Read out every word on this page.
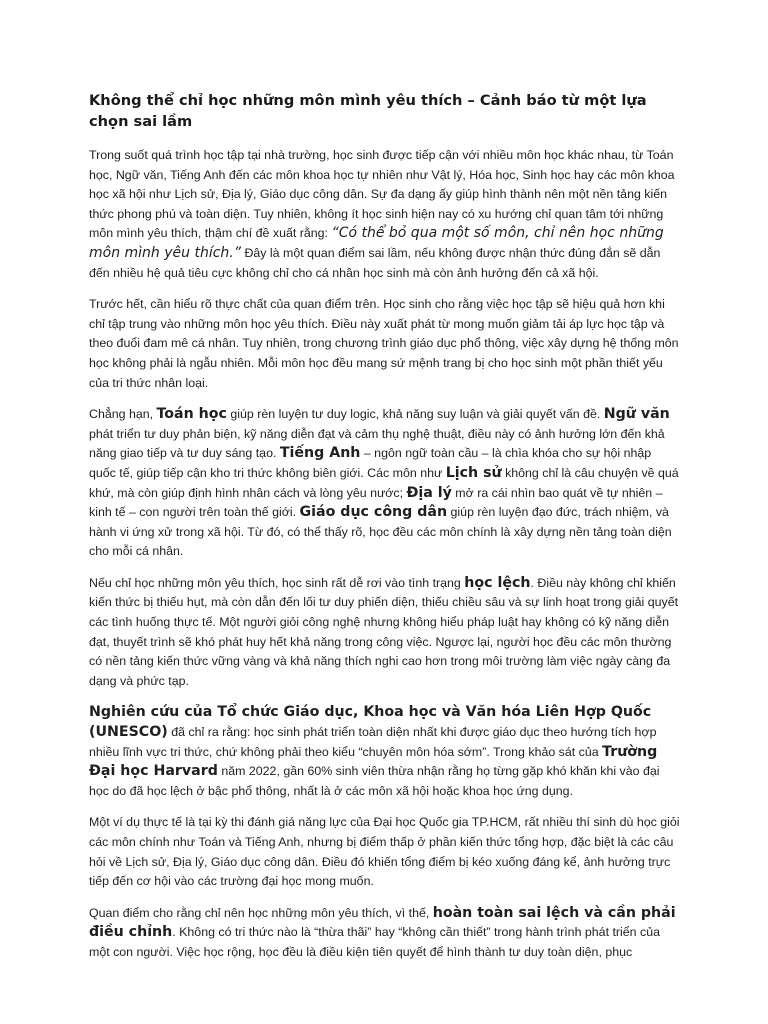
Không thể chỉ học những môn mình yêu thích – Cảnh báo từ một lựa chọn sai lầm

Trong suốt quá trình học tập tại nhà trường, học sinh được tiếp cận với nhiều môn học khác nhau, từ Toán học, Ngữ văn, Tiếng Anh đến các môn khoa học tự nhiên như Vật lý, Hóa học, Sinh học hay các môn khoa học xã hội như Lịch sử, Địa lý, Giáo dục công dân. Sự đa dạng ấy giúp hình thành nên một nền tảng kiến thức phong phú và toàn diện. Tuy nhiên, không ít học sinh hiện nay có xu hướng chỉ quan tâm tới những môn mình yêu thích, thậm chí đề xuất rằng: “Có thể bỏ qua một số môn, chỉ nên học những môn mình yêu thích.” Đây là một quan điểm sai lầm, nếu không được nhận thức đúng đắn sẽ dẫn đến nhiều hệ quả tiêu cực không chỉ cho cá nhân học sinh mà còn ảnh hưởng đến cả xã hội.

Trước hết, cần hiểu rõ thực chất của quan điểm trên. Học sinh cho rằng việc học tập sẽ hiệu quả hơn khi chỉ tập trung vào những môn học yêu thích. Điều này xuất phát từ mong muốn giảm tải áp lực học tập và theo đuổi đam mê cá nhân. Tuy nhiên, trong chương trình giáo dục phổ thông, việc xây dựng hệ thống môn học không phải là ngẫu nhiên. Mỗi môn học đều mang sứ mệnh trang bị cho học sinh một phần thiết yếu của tri thức nhân loại.

Chẳng hạn, Toán học giúp rèn luyện tư duy logic, khả năng suy luận và giải quyết vấn đề. Ngữ văn phát triển tư duy phản biện, kỹ năng diễn đạt và cảm thụ nghệ thuật, điều này có ảnh hưởng lớn đến khả năng giao tiếp và tư duy sáng tạo. Tiếng Anh – ngôn ngữ toàn cầu – là chìa khóa cho sự hội nhập quốc tế, giúp tiếp cận kho tri thức không biên giới. Các môn như Lịch sử không chỉ là câu chuyện về quá khứ, mà còn giúp định hình nhân cách và lòng yêu nước; Địa lý mở ra cái nhìn bao quát về tự nhiên – kinh tế – con người trên toàn thế giới. Giáo dục công dân giúp rèn luyện đạo đức, trách nhiệm, và hành vi ứng xử trong xã hội. Từ đó, có thể thấy rõ, học đều các môn chính là xây dựng nền tảng toàn diện cho mỗi cá nhân.

Nếu chỉ học những môn yêu thích, học sinh rất dễ rơi vào tình trạng học lệch. Điều này không chỉ khiến kiến thức bị thiếu hụt, mà còn dẫn đến lối tư duy phiến diện, thiếu chiều sâu và sự linh hoạt trong giải quyết các tình huống thực tế. Một người giỏi công nghệ nhưng không hiểu pháp luật hay không có kỹ năng diễn đạt, thuyết trình sẽ khó phát huy hết khả năng trong công việc. Ngược lại, người học đều các môn thường có nền tảng kiến thức vững vàng và khả năng thích nghi cao hơn trong môi trường làm việc ngày càng đa dạng và phức tạp.

Nghiên cứu của Tổ chức Giáo dục, Khoa học và Văn hóa Liên Hợp Quốc (UNESCO) đã chỉ ra rằng: học sinh phát triển toàn diện nhất khi được giáo dục theo hướng tích hợp nhiều lĩnh vực tri thức, chứ không phải theo kiểu “chuyên môn hóa sớm”. Trong khảo sát của Trường Đại học Harvard năm 2022, gần 60% sinh viên thừa nhận rằng họ từng gặp khó khăn khi vào đại học do đã học lệch ở bậc phổ thông, nhất là ở các môn xã hội hoặc khoa học ứng dụng.

Một ví dụ thực tế là tại kỳ thi đánh giá năng lực của Đại học Quốc gia TP.HCM, rất nhiều thí sinh dù học giỏi các môn chính như Toán và Tiếng Anh, nhưng bị điểm thấp ở phần kiến thức tổng hợp, đặc biệt là các câu hỏi về Lịch sử, Địa lý, Giáo dục công dân. Điều đó khiến tổng điểm bị kéo xuống đáng kể, ảnh hưởng trực tiếp đến cơ hội vào các trường đại học mong muốn.

Quan điểm cho rằng chỉ nên học những môn yêu thích, vì thế, hoàn toàn sai lệch và cần phải điều chỉnh. Không có tri thức nào là “thừa thãi” hay “không cần thiết” trong hành trình phát triển của một con người. Việc học rộng, học đều là điều kiện tiên quyết để hình thành tư duy toàn diện, phục
